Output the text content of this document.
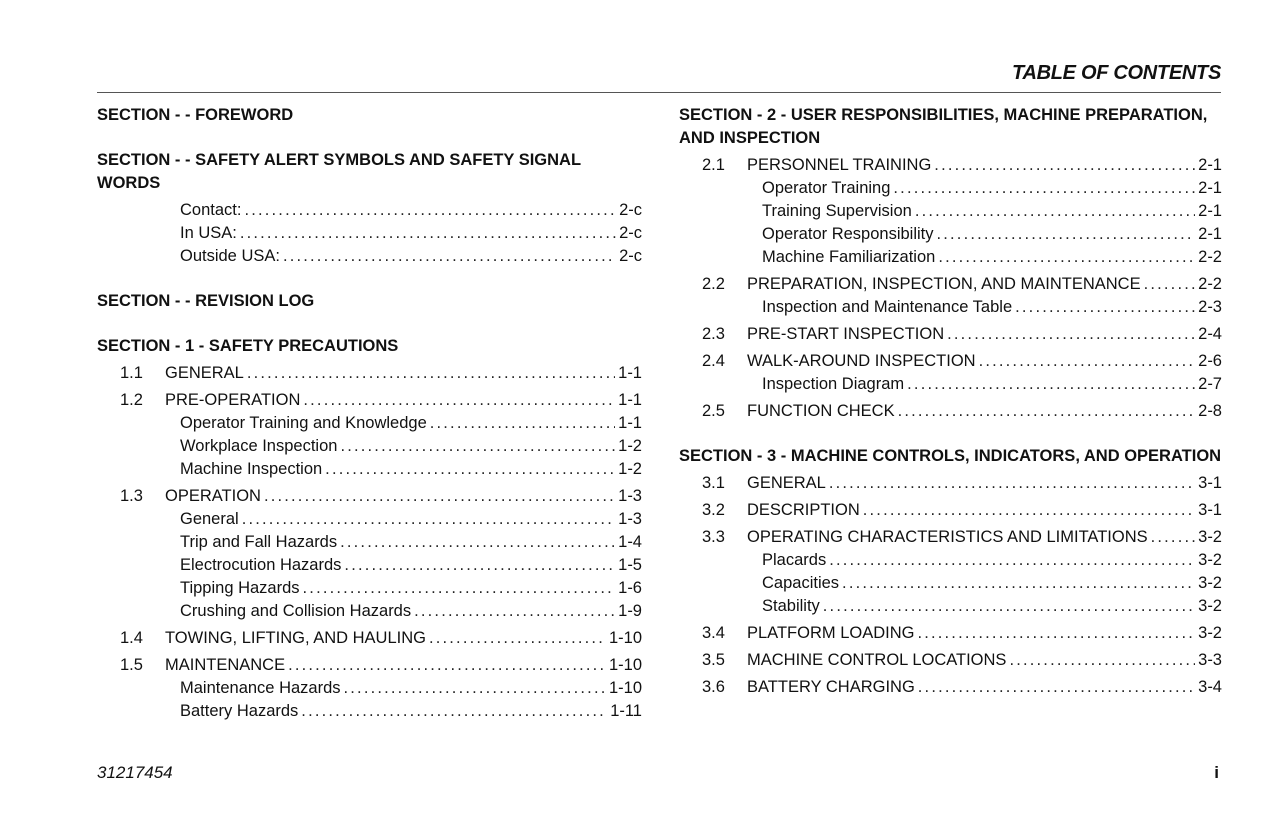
TABLE OF CONTENTS
SECTION - - FOREWORD
SECTION - - SAFETY ALERT SYMBOLS AND SAFETY SIGNAL WORDS
Contact: . . .	2-c
In USA: . . .	2-c
Outside USA: . . .	2-c
SECTION - - REVISION LOG
SECTION - 1 - SAFETY PRECAUTIONS
1.1	GENERAL . . .	1-1
1.2	PRE-OPERATION . . .	1-1
Operator Training and Knowledge . . .	1-1
Workplace Inspection . . .	1-2
Machine Inspection . . .	1-2
1.3	OPERATION . . .	1-3
General . . .	1-3
Trip and Fall Hazards . . .	1-4
Electrocution Hazards . . .	1-5
Tipping Hazards . . .	1-6
Crushing and Collision Hazards . . .	1-9
1.4	TOWING, LIFTING, AND HAULING . . .	1-10
1.5	MAINTENANCE . . .	1-10
Maintenance Hazards . . .	1-10
Battery Hazards . . .	1-11
SECTION - 2 - USER RESPONSIBILITIES, MACHINE PREPARATION, AND INSPECTION
2.1	PERSONNEL TRAINING . . .	2-1
Operator Training . . .	2-1
Training Supervision . . .	2-1
Operator Responsibility . . .	2-1
Machine Familiarization . . .	2-2
2.2	PREPARATION, INSPECTION, AND MAINTENANCE . . .	2-2
Inspection and Maintenance Table . . .	2-3
2.3	PRE-START INSPECTION . . .	2-4
2.4	WALK-AROUND INSPECTION . . .	2-6
Inspection Diagram . . .	2-7
2.5	FUNCTION CHECK . . .	2-8
SECTION - 3 - MACHINE CONTROLS, INDICATORS, AND OPERATION
3.1	GENERAL . . .	3-1
3.2	DESCRIPTION . . .	3-1
3.3	OPERATING CHARACTERISTICS AND LIMITATIONS . . .	3-2
Placards . . .	3-2
Capacities . . .	3-2
Stability . . .	3-2
3.4	PLATFORM LOADING . . .	3-2
3.5	MACHINE CONTROL LOCATIONS . . .	3-3
3.6	BATTERY CHARGING . . .	3-4
31217454	i
